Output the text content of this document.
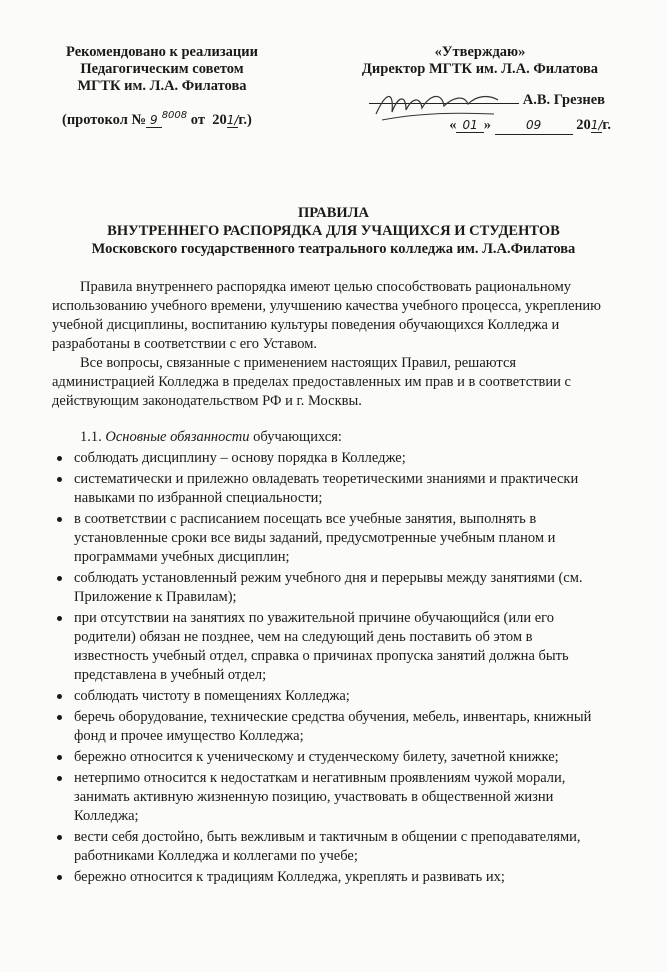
Рекомендовано к реализации
Педагогическим советом
МГТК им. Л.А. Филатова
(протокол № 9 $^{8008}$ от 201/г.)
«Утверждаю»
Директор МГТК им. Л.А. Филатова
А.В. Грезнев
« 01 »	09 201/г.
ПРАВИЛА
ВНУТРЕННЕГО РАСПОРЯДКА ДЛЯ УЧАЩИХСЯ И СТУДЕНТОВ
Московского государственного театрального колледжа им. Л.А.Филатова

Правила внутреннего распорядка имеют целью способствовать рациональному использованию учебного времени, улучшению качества учебного процесса, укреплению учебной дисциплины, воспитанию культуры поведения обучающихся Колледжа и разработаны в соответствии с его Уставом.

Все вопросы, связанные с применением настоящих Правил, решаются администрацией Колледжа в пределах предоставленных им прав и в соответствии с действующим законодательством РФ и г. Москвы.

1.1. Основные обязанности обучающихся:
соблюдать дисциплину – основу порядка в Колледже;
систематически и прилежно овладевать теоретическими знаниями и практически навыками по избранной специальности;
в соответствии с расписанием посещать все учебные занятия, выполнять в установленные сроки все виды заданий, предусмотренные учебным планом и программами учебных дисциплин;
соблюдать установленный режим учебного дня и перерывы между занятиями (см. Приложение к Правилам);
при отсутствии на занятиях по уважительной причине обучающийся (или его родители) обязан не позднее, чем на следующий день поставить об этом в известность учебный отдел, справка о причинах пропуска занятий должна быть представлена в учебный отдел;
соблюдать чистоту в помещениях Колледжа;
беречь оборудование, технические средства обучения, мебель, инвентарь, книжный фонд и прочее имущество Колледжа;
бережно относится к ученическому и студенческому билету, зачетной книжке;
нетерпимо относится к недостаткам и негативным проявлениям чужой морали, занимать активную жизненную позицию, участвовать в общественной жизни Колледжа;
вести себя достойно, быть вежливым и тактичным в общении с преподавателями, работниками Колледжа и коллегами по учебе;
бережно относится к традициям Колледжа, укреплять и развивать их;
